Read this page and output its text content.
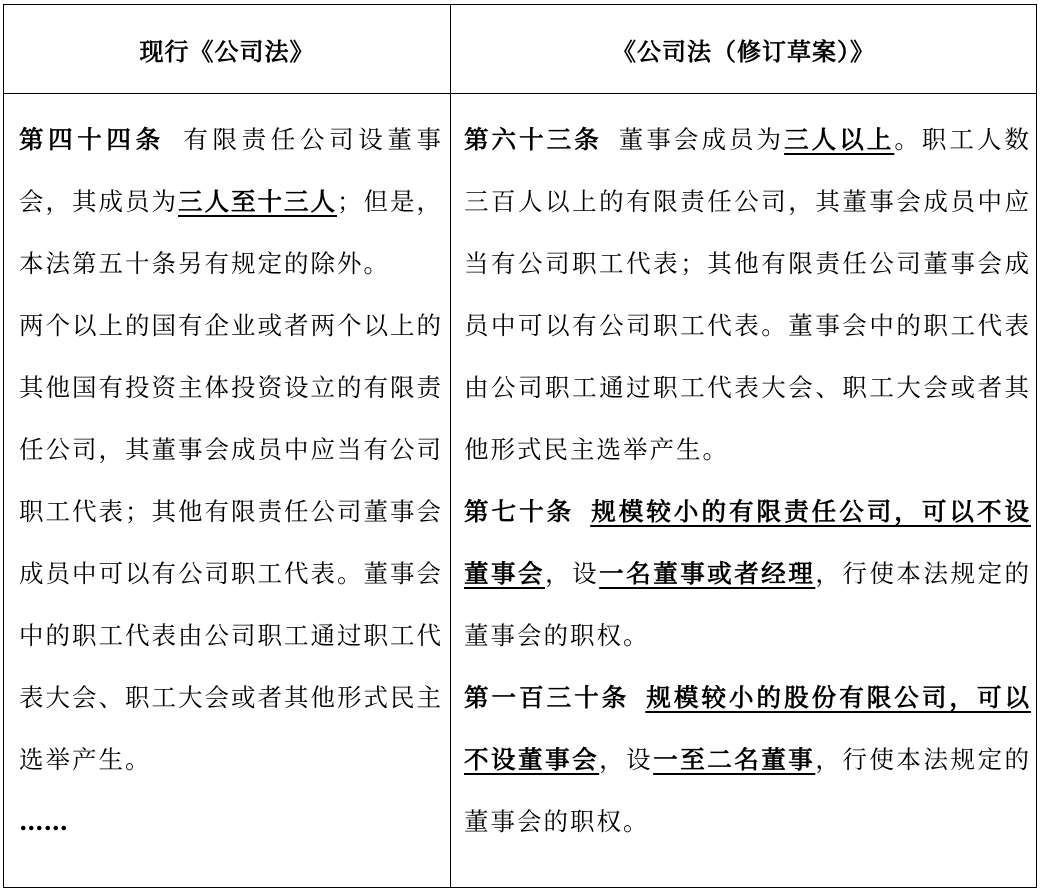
现行《公司法》	《公司法（修订草案）》

第四十四条 有限责任公司设董事会，其成员为三人至十三人；但是，本法第五十条另有规定的除外。

两个以上的国有企业或者两个以上的其他国有投资主体投资设立的有限责任公司，其董事会成员中应当有公司职工代表；其他有限责任公司董事会成员中可以有公司职工代表。董事会中的职工代表由公司职工通过职工代表大会、职工大会或者其他形式民主选举产生。

……

第六十三条 董事会成员为三人以上。职工人数三百人以上的有限责任公司，其董事会成员中应当有公司职工代表；其他有限责任公司董事会成员中可以有公司职工代表。董事会中的职工代表由公司职工通过职工代表大会、职工大会或者其他形式民主选举产生。

第七十条 规模较小的有限责任公司，可以不设董事会，设一名董事或者经理，行使本法规定的董事会的职权。

第一百三十条 规模较小的股份有限公司，可以不设董事会，设一至二名董事，行使本法规定的董事会的职权。
